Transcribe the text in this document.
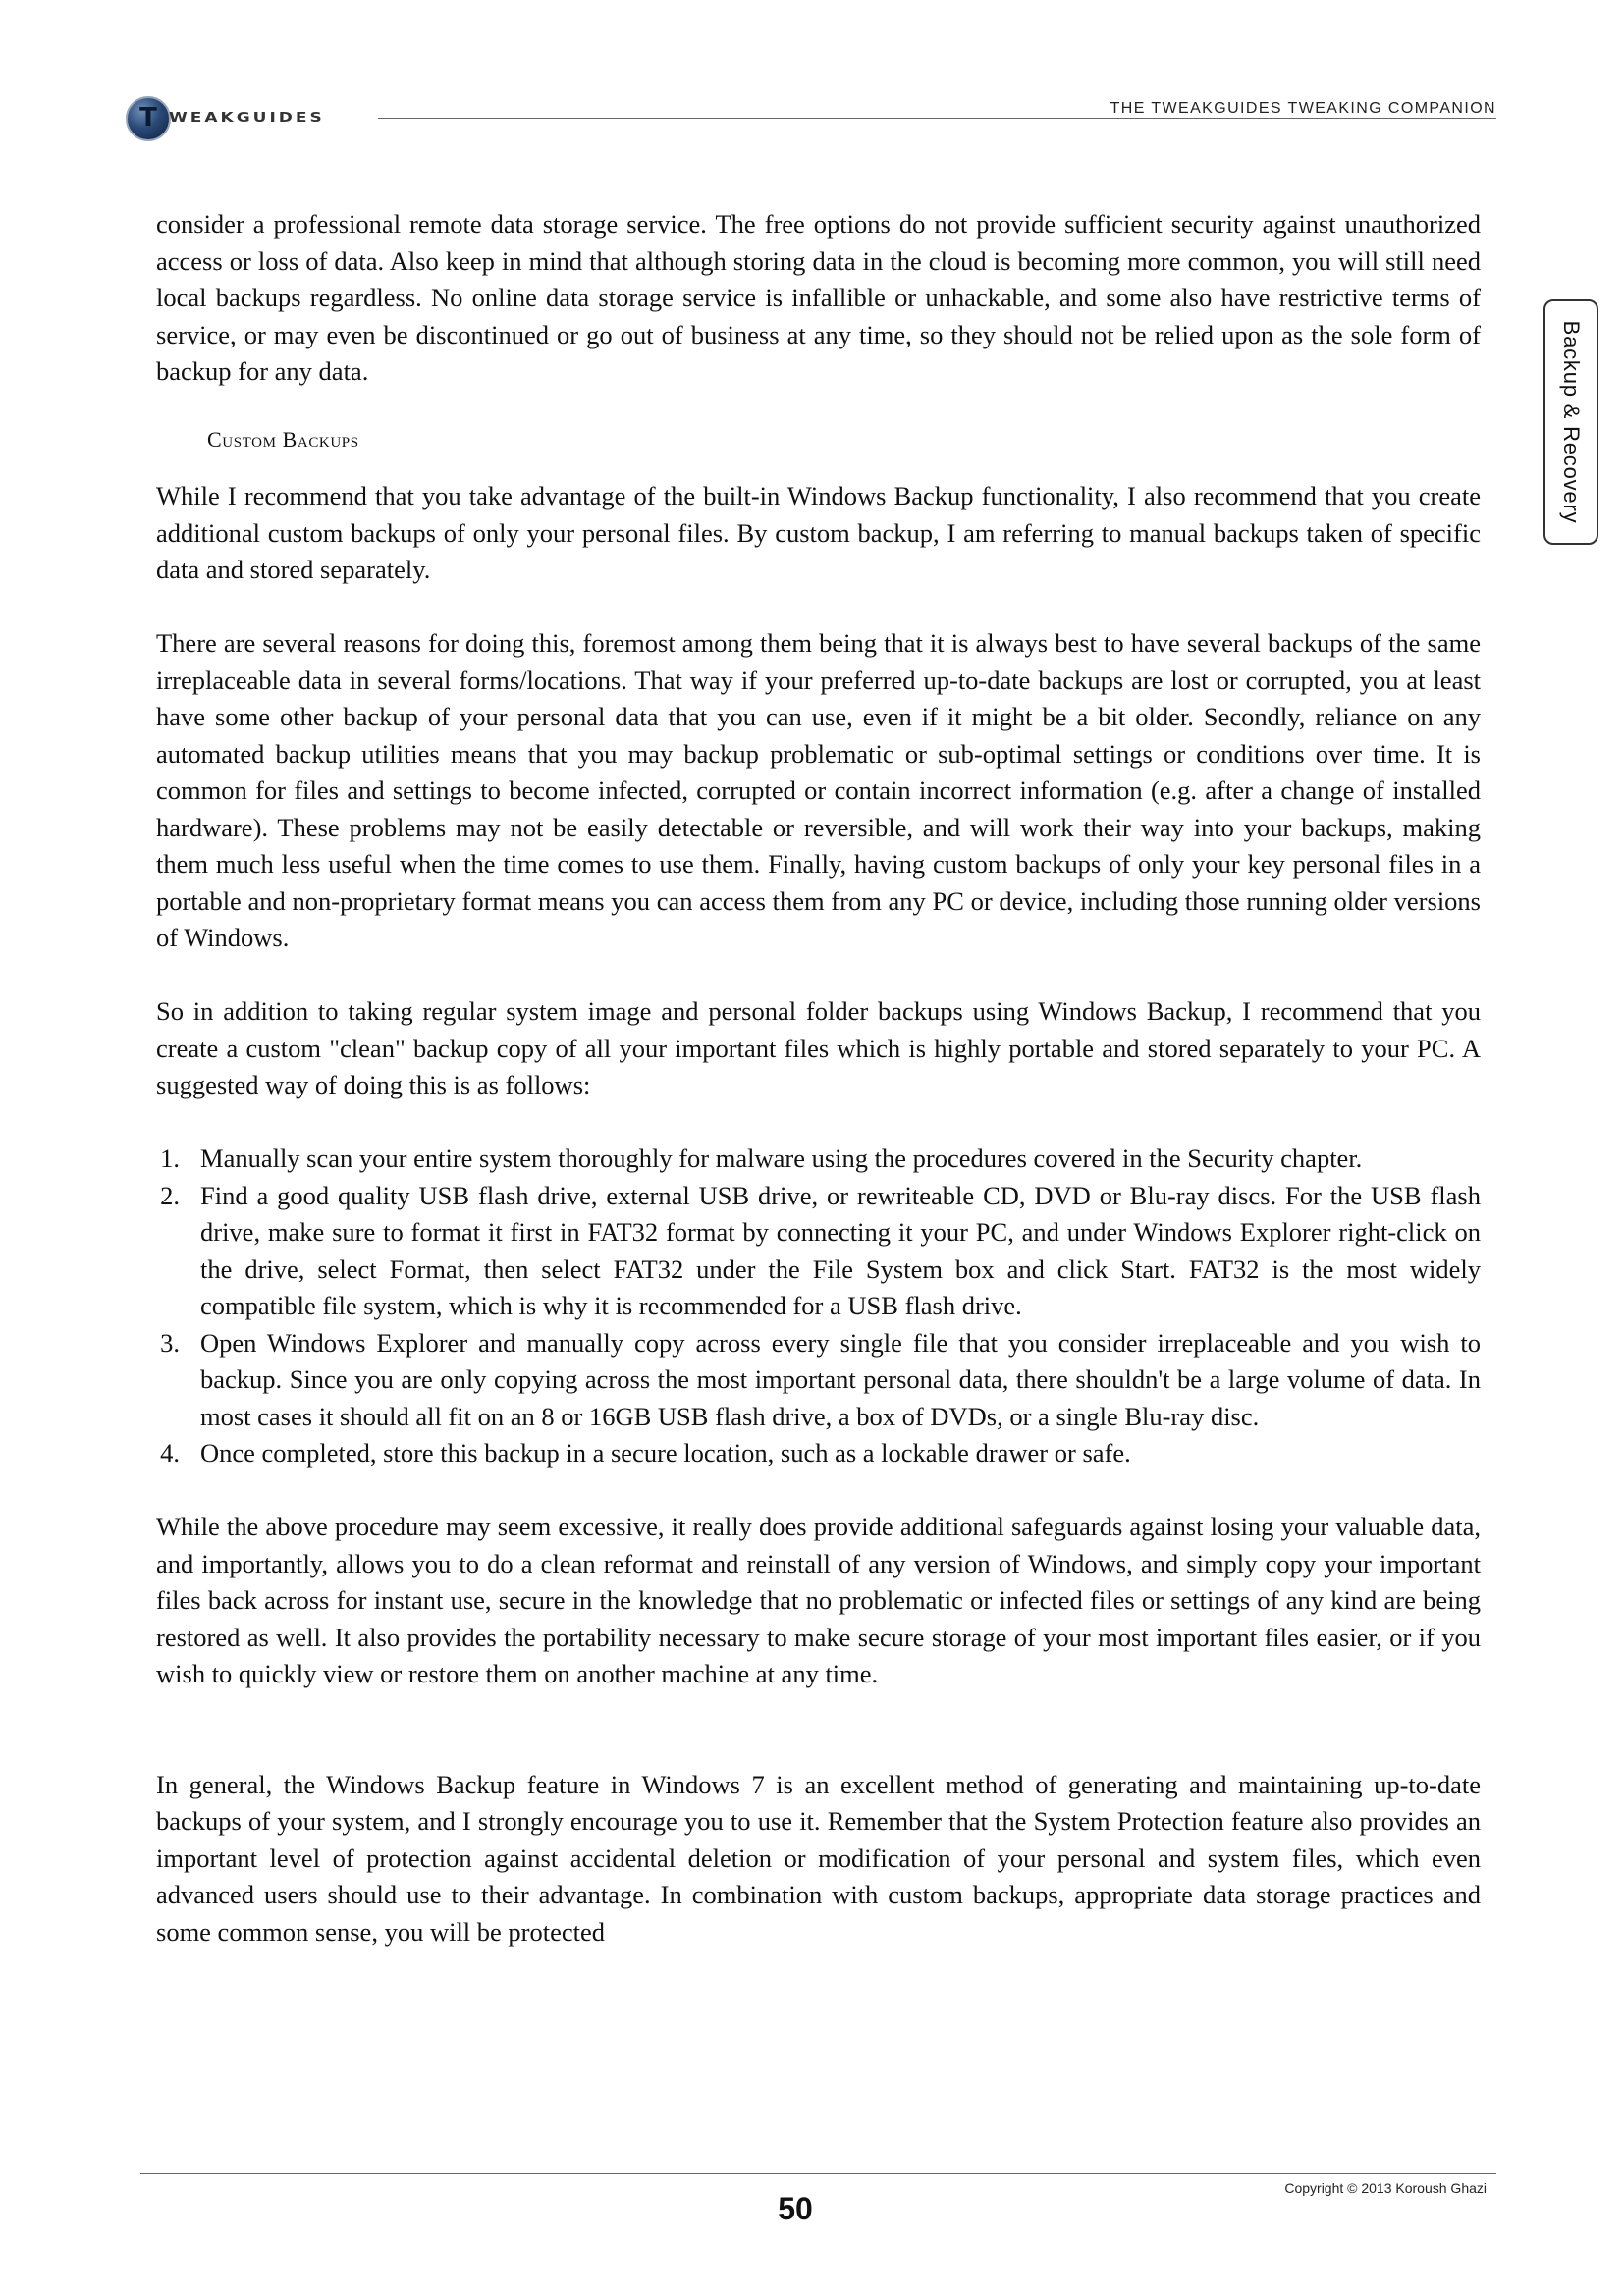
T WEAKGUIDES
THE TWEAKGUIDES TWEAKING COMPANION
Backup & Recovery

consider a professional remote data storage service. The free options do not provide sufficient security against unauthorized access or loss of data. Also keep in mind that although storing data in the cloud is becoming more common, you will still need local backups regardless. No online data storage service is infallible or unhackable, and some also have restrictive terms of service, or may even be discontinued or go out of business at any time, so they should not be relied upon as the sole form of backup for any data.

Custom Backups

While I recommend that you take advantage of the built-in Windows Backup functionality, I also recommend that you create additional custom backups of only your personal files. By custom backup, I am referring to manual backups taken of specific data and stored separately.

There are several reasons for doing this, foremost among them being that it is always best to have several backups of the same irreplaceable data in several forms/locations. That way if your preferred up-to-date backups are lost or corrupted, you at least have some other backup of your personal data that you can use, even if it might be a bit older. Secondly, reliance on any automated backup utilities means that you may backup problematic or sub-optimal settings or conditions over time. It is common for files and settings to become infected, corrupted or contain incorrect information (e.g. after a change of installed hardware). These problems may not be easily detectable or reversible, and will work their way into your backups, making them much less useful when the time comes to use them. Finally, having custom backups of only your key personal files in a portable and non-proprietary format means you can access them from any PC or device, including those running older versions of Windows.

So in addition to taking regular system image and personal folder backups using Windows Backup, I recommend that you create a custom "clean" backup copy of all your important files which is highly portable and stored separately to your PC. A suggested way of doing this is as follows:

1. Manually scan your entire system thoroughly for malware using the procedures covered in the Security chapter.
2. Find a good quality USB flash drive, external USB drive, or rewriteable CD, DVD or Blu-ray discs. For the USB flash drive, make sure to format it first in FAT32 format by connecting it your PC, and under Windows Explorer right-click on the drive, select Format, then select FAT32 under the File System box and click Start. FAT32 is the most widely compatible file system, which is why it is recommended for a USB flash drive.
3. Open Windows Explorer and manually copy across every single file that you consider irreplaceable and you wish to backup. Since you are only copying across the most important personal data, there shouldn't be a large volume of data. In most cases it should all fit on an 8 or 16GB USB flash drive, a box of DVDs, or a single Blu-ray disc.
4. Once completed, store this backup in a secure location, such as a lockable drawer or safe.

While the above procedure may seem excessive, it really does provide additional safeguards against losing your valuable data, and importantly, allows you to do a clean reformat and reinstall of any version of Windows, and simply copy your important files back across for instant use, secure in the knowledge that no problematic or infected files or settings of any kind are being restored as well. It also provides the portability necessary to make secure storage of your most important files easier, or if you wish to quickly view or restore them on another machine at any time.

In general, the Windows Backup feature in Windows 7 is an excellent method of generating and maintaining up-to-date backups of your system, and I strongly encourage you to use it. Remember that the System Protection feature also provides an important level of protection against accidental deletion or modification of your personal and system files, which even advanced users should use to their advantage. In combination with custom backups, appropriate data storage practices and some common sense, you will be protected

Copyright © 2013 Koroush Ghazi
50
